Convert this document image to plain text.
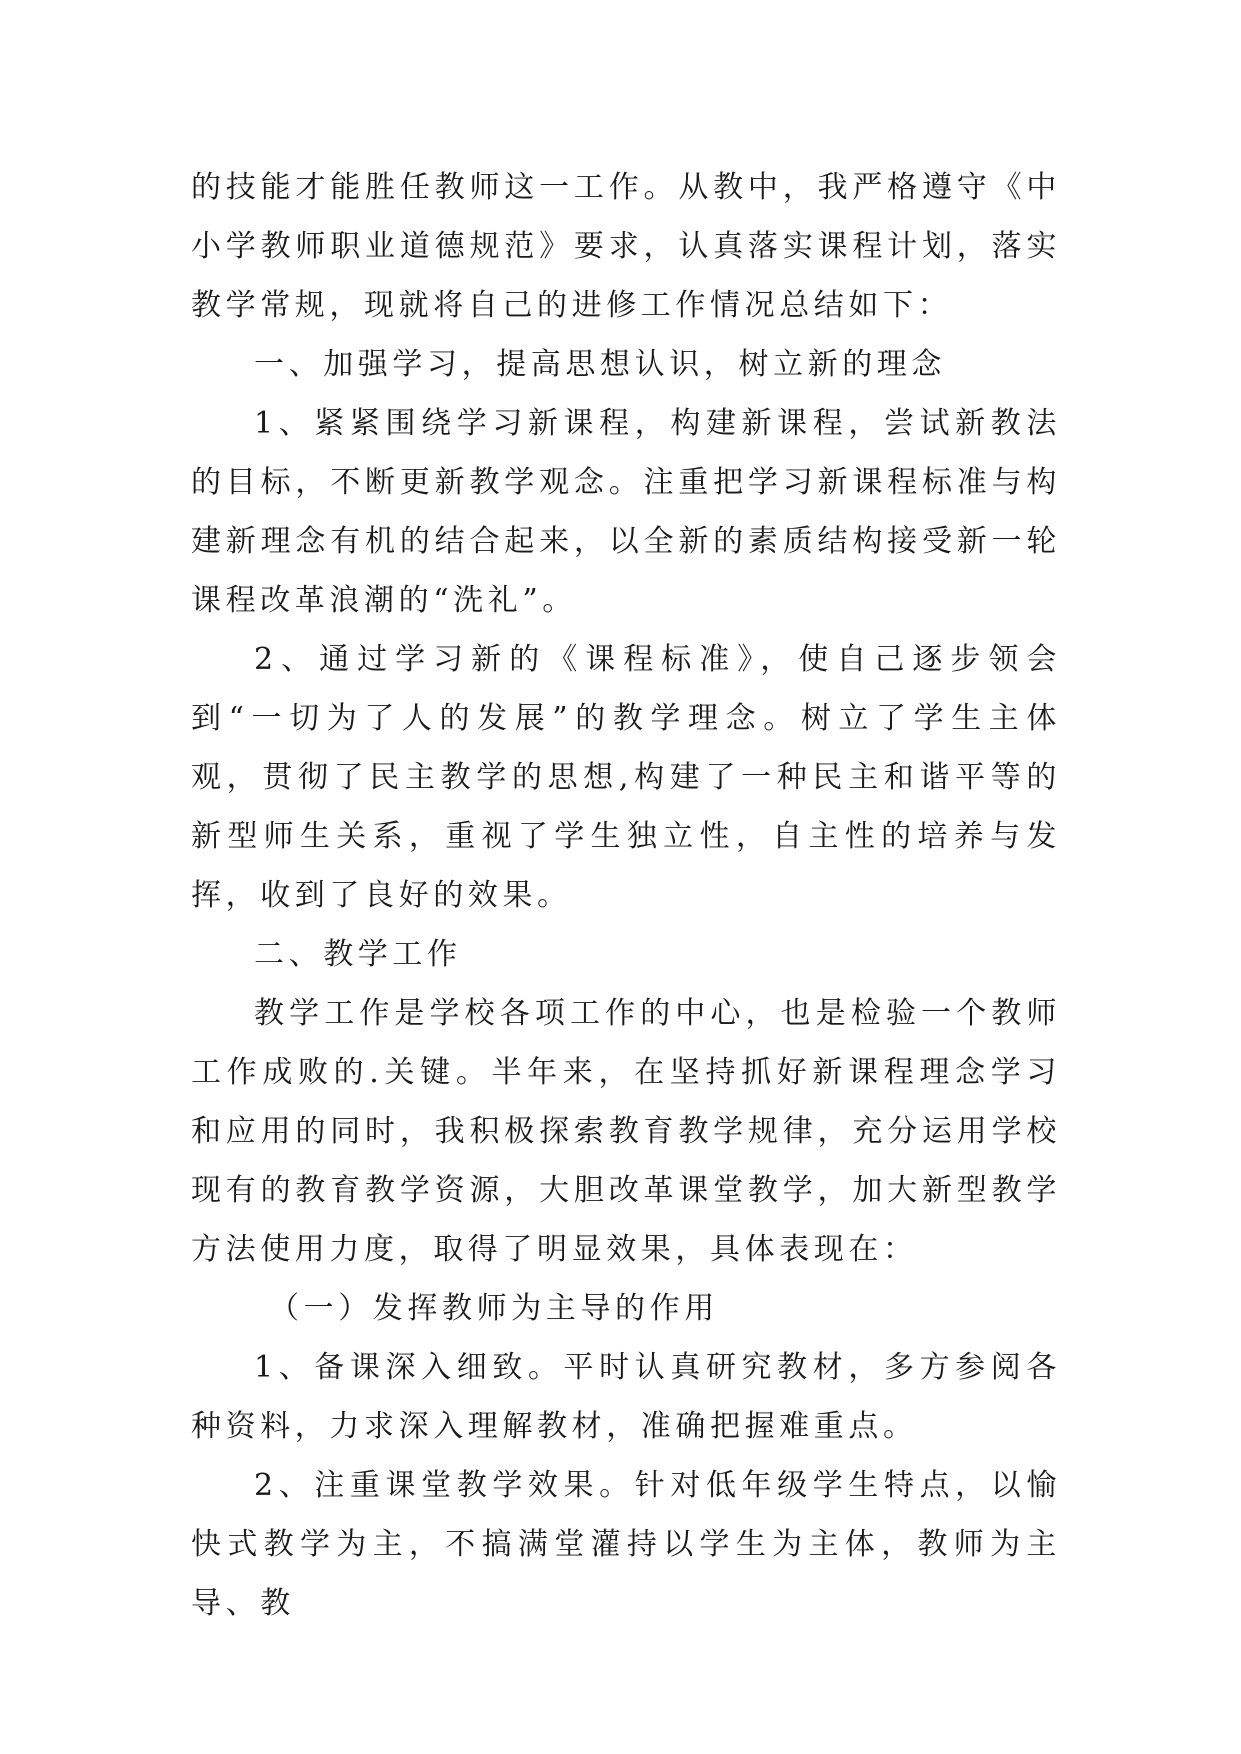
的技能才能胜任教师这一工作。从教中，我严格遵守《中小学教师职业道德规范》要求，认真落实课程计划，落实教学常规，现就将自己的进修工作情况总结如下：

一、加强学习，提高思想认识，树立新的理念

1、紧紧围绕学习新课程，构建新课程，尝试新教法的目标，不断更新教学观念。注重把学习新课程标准与构建新理念有机的结合起来，以全新的素质结构接受新一轮课程改革浪潮的“洗礼”。

2、通过学习新的《课程标准》，使自己逐步领会到“一切为了人的发展”的教学理念。树立了学生主体观，贯彻了民主教学的思想,构建了一种民主和谐平等的新型师生关系，重视了学生独立性，自主性的培养与发挥，收到了良好的效果。

二、教学工作

教学工作是学校各项工作的中心，也是检验一个教师工作成败的.关键。半年来，在坚持抓好新课程理念学习和应用的同时，我积极探索教育教学规律，充分运用学校现有的教育教学资源，大胆改革课堂教学，加大新型教学方法使用力度，取得了明显效果，具体表现在：

（一）发挥教师为主导的作用

1、备课深入细致。平时认真研究教材，多方参阅各种资料，力求深入理解教材，准确把握难重点。

2、注重课堂教学效果。针对低年级学生特点，以愉快式教学为主，不搞满堂灌持以学生为主体，教师为主导、教
